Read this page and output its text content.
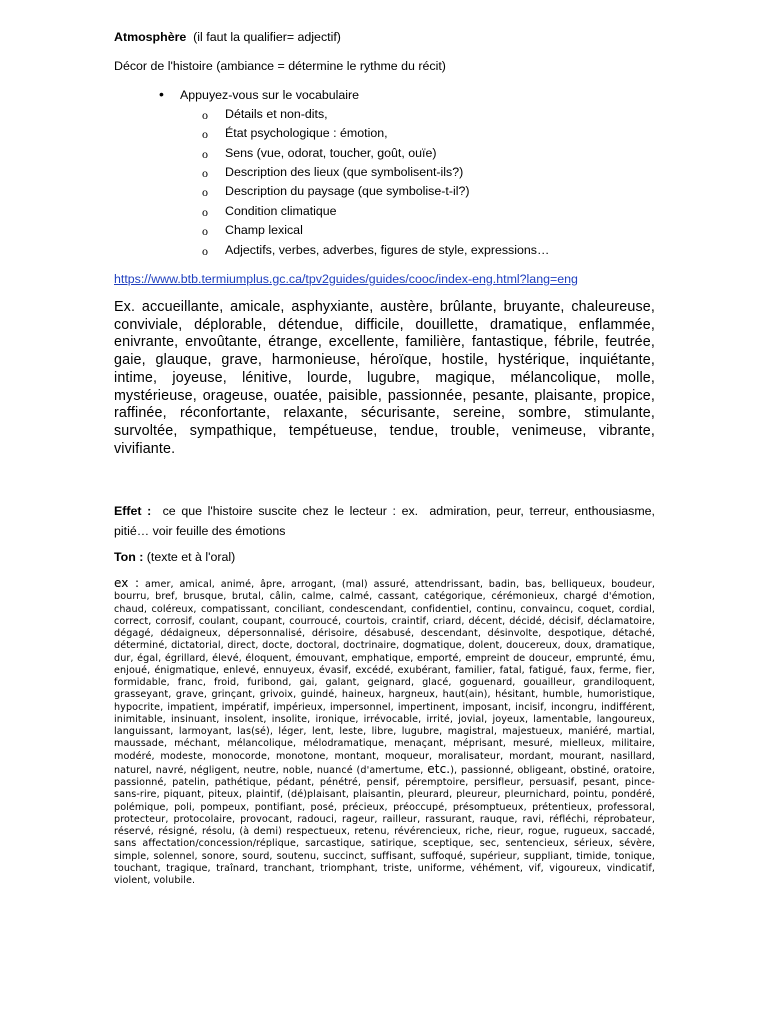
Atmosphère  (il faut la qualifier= adjectif)
Décor de l'histoire (ambiance = détermine le rythme du récit)
• Appuyez-vous sur le vocabulaire
o Détails et non-dits,
o État psychologique : émotion,
o Sens (vue, odorat, toucher, goût, ouïe)
o Description des lieux (que symbolisent-ils?)
o Description du paysage (que symbolise-t-il?)
o Condition climatique
o Champ lexical
o Adjectifs, verbes, adverbes, figures de style, expressions…
https://www.btb.termiumplus.gc.ca/tpv2guides/guides/cooc/index-eng.html?lang=eng
Ex. accueillante, amicale, asphyxiante, austère, brûlante, bruyante, chaleureuse, conviviale, déplorable, détendue, difficile, douillette, dramatique, enflammée, enivrante, envoûtante, étrange, excellente, familière, fantastique, fébrile, feutrée, gaie, glauque, grave, harmonieuse, héroïque, hostile, hystérique, inquiétante, intime, joyeuse, lénitive, lourde, lugubre, magique, mélancolique, molle, mystérieuse, orageuse, ouatée, paisible, passionnée, pesante, plaisante, propice, raffinée, réconfortante, relaxante, sécurisante, sereine, sombre, stimulante, survoltée, sympathique, tempétueuse, tendue, trouble, venimeuse, vibrante, vivifiante.
Effet :  ce que l'histoire suscite chez le lecteur : ex.  admiration, peur, terreur, enthousiasme, pitié… voir feuille des émotions
Ton : (texte et à l'oral)
ex : amer, amical, animé, âpre, arrogant, (mal) assuré, attendrissant, badin, bas, belliqueux, boudeur, bourru, bref, brusque, brutal, câlin, calme, calmé, cassant, catégorique, cérémonieux, chargé d'émotion, chaud, coléreux, compatissant, conciliant, condescendant, confidentiel, continu, convaincu, coquet, cordial, correct, corrosif, coulant, coupant, courroucé, courtois, craintif, criard, décent, décidé, décisif, déclamatoire, dégagé, dédaigneux, dépersonnalisé, dérisoire, désabusé, descendant, désinvolte, despotique, détaché, déterminé, dictatorial, direct, docte, doctoral, doctrinaire, dogmatique, dolent, doucereux, doux, dramatique, dur, égal, égrillard, élevé, éloquent, émouvant, emphatique, emporté, empreint de douceur, emprunté, ému, enjoué, énigmatique, enlevé, ennuyeux, évasif, excédé, exubérant, familier, fatal, fatigué, faux, ferme, fier, formidable, franc, froid, furibond, gai, galant, geignard, glacé, goguenard, gouailleur, grandiloquent, grasseyant, grave, grinçant, grivoix, guindé, haineux, hargneux, haut(ain), hésitant, humble, humoristique, hypocrite, impatient, impératif, impérieux, impersonnel, impertinent, imposant, incisif, incongru, indifférent, inimitable, insinuant, insolent, insolite, ironique, irrévocable, irrité, jovial, joyeux, lamentable, langoureux, languissant, larmoyant, las(sé), léger, lent, leste, libre, lugubre, magistral, majestueux, maniéré, martial, maussade, méchant, mélancolique, mélodramatique, menaçant, méprisant, mesuré, mielleux, militaire, modéré, modeste, monocorde, monotone, montant, moqueur, moralisateur, mordant, mourant, nasillard, naturel, navré, négligent, neutre, noble, nuancé (d'amertume, etc.), passionné, obligeant, obstiné, oratoire, passionné, patelin, pathétique, pédant, pénétré, pensif, péremptoire, persifleur, persuasif, pesant, pince-sans-rire, piquant, piteux, plaintif, (dé)plaisant, plaisantin, pleurard, pleureur, pleurnichard, pointu, pondéré, polémique, poli, pompeux, pontifiant, posé, précieux, préoccupé, présomptueux, prétentieux, professoral, protecteur, protocolaire, provocant, radouci, rageur, railleur, rassurant, rauque, ravi, réfléchi, réprobateur, réservé, résigné, résolu, (à demi) respectueux, retenu, révérencieux, riche, rieur, rogue, rugueux, saccadé, sans affectation/concession/réplique, sarcastique, satirique, sceptique, sec, sentencieux, sérieux, sévère, simple, solennel, sonore, sourd, soutenu, succinct, suffisant, suffoqué, supérieur, suppliant, timide, tonique, touchant, tragique, traînard, tranchant, triomphant, triste, uniforme, véhément, vif, vigoureux, vindicatif, violent, volubile.
